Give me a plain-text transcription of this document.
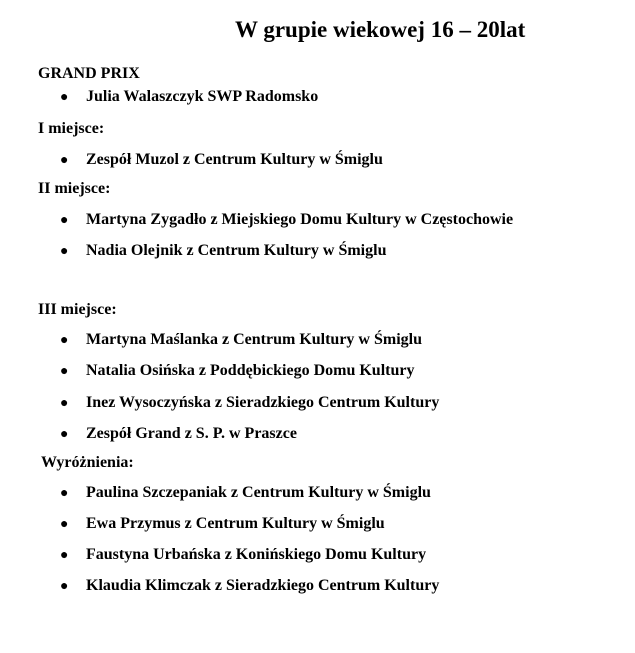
W grupie wiekowej 16 – 20lat
GRAND PRIX
● Julia Walaszczyk SWP Radomsko
I miejsce:
● Zespół Muzol z Centrum Kultury w Śmiglu
II miejsce:
● Martyna Zygadło z Miejskiego Domu Kultury w Częstochowie
● Nadia Olejnik z Centrum Kultury w Śmiglu
III miejsce:
● Martyna Maślanka z Centrum Kultury w Śmiglu
● Natalia Osińska z Poddębickiego Domu Kultury
● Inez Wysoczyńska z Sieradzkiego Centrum Kultury
● Zespół Grand z S. P. w Praszce
Wyróżnienia:
● Paulina Szczepaniak z Centrum Kultury w Śmiglu
● Ewa Przymus z Centrum Kultury w Śmiglu
● Faustyna Urbańska z Konińskiego Domu Kultury
● Klaudia Klimczak z Sieradzkiego Centrum Kultury
